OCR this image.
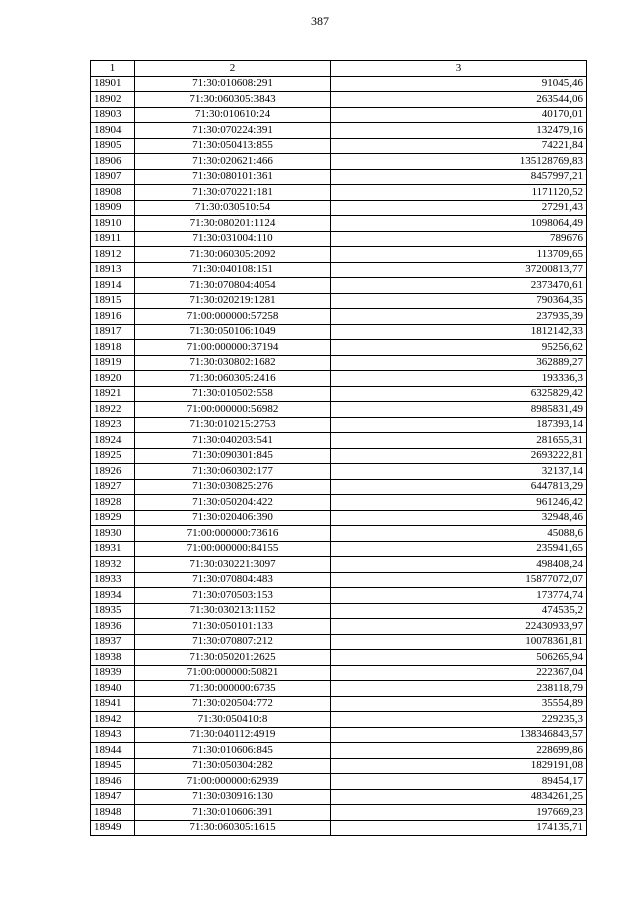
387
1	2	3
18901	71:30:010608:291	91045,46
18902	71:30:060305:3843	263544,06
18903	71:30:010610:24	40170,01
18904	71:30:070224:391	132479,16
18905	71:30:050413:855	74221,84
18906	71:30:020621:466	135128769,83
18907	71:30:080101:361	8457997,21
18908	71:30:070221:181	1171120,52
18909	71:30:030510:54	27291,43
18910	71:30:080201:1124	1098064,49
18911	71:30:031004:110	789676
18912	71:30:060305:2092	113709,65
18913	71:30:040108:151	37200813,77
18914	71:30:070804:4054	2373470,61
18915	71:30:020219:1281	790364,35
18916	71:00:000000:57258	237935,39
18917	71:30:050106:1049	1812142,33
18918	71:00:000000:37194	95256,62
18919	71:30:030802:1682	362889,27
18920	71:30:060305:2416	193336,3
18921	71:30:010502:558	6325829,42
18922	71:00:000000:56982	8985831,49
18923	71:30:010215:2753	187393,14
18924	71:30:040203:541	281655,31
18925	71:30:090301:845	2693222,81
18926	71:30:060302:177	32137,14
18927	71:30:030825:276	6447813,29
18928	71:30:050204:422	961246,42
18929	71:30:020406:390	32948,46
18930	71:00:000000:73616	45088,6
18931	71:00:000000:84155	235941,65
18932	71:30:030221:3097	498408,24
18933	71:30:070804:483	15877072,07
18934	71:30:070503:153	173774,74
18935	71:30:030213:1152	474535,2
18936	71:30:050101:133	22430933,97
18937	71:30:070807:212	10078361,81
18938	71:30:050201:2625	506265,94
18939	71:00:000000:50821	222367,04
18940	71:30:000000:6735	238118,79
18941	71:30:020504:772	35554,89
18942	71:30:050410:8	229235,3
18943	71:30:040112:4919	138346843,57
18944	71:30:010606:845	228699,86
18945	71:30:050304:282	1829191,08
18946	71:00:000000:62939	89454,17
18947	71:30:030916:130	4834261,25
18948	71:30:010606:391	197669,23
18949	71:30:060305:1615	174135,71
